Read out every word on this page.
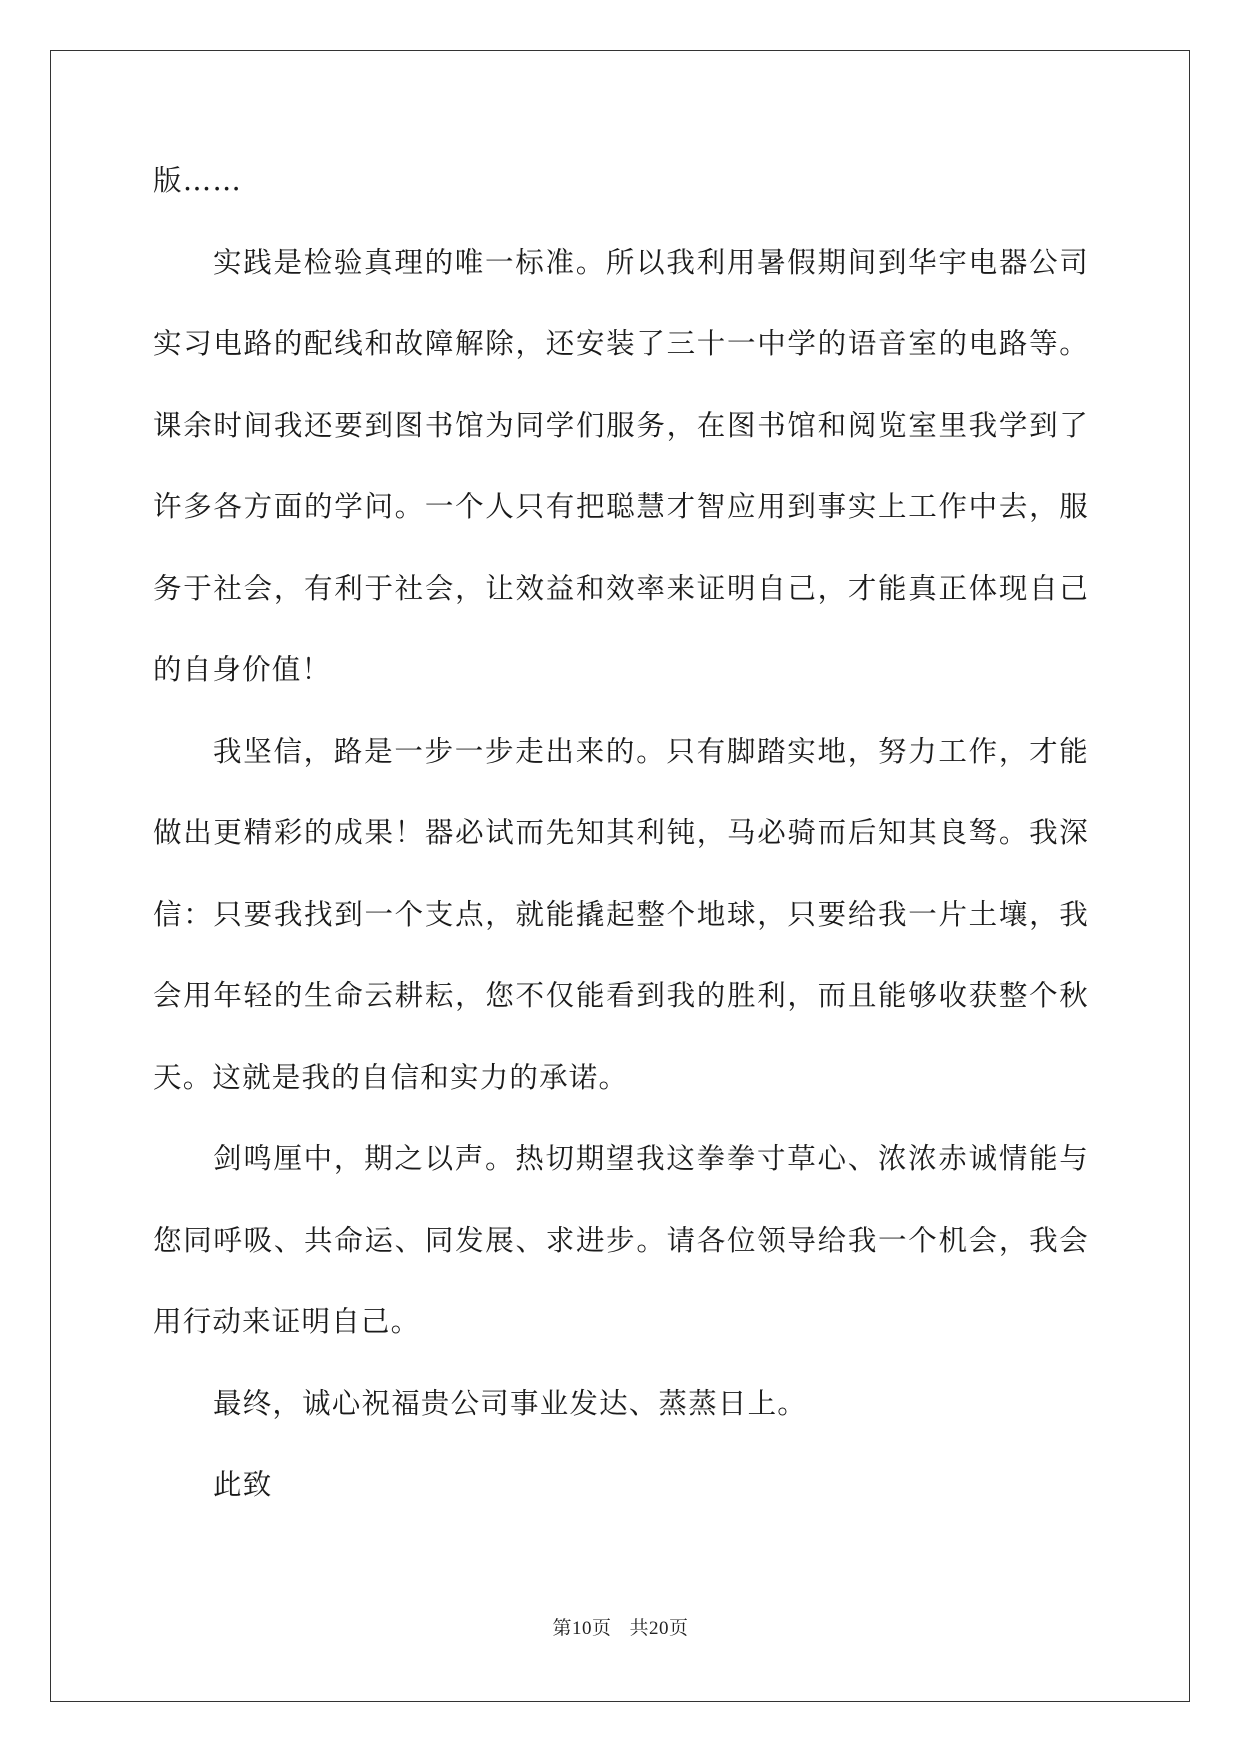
版……

实践是检验真理的唯一标准。所以我利用暑假期间到华宇电器公司实习电路的配线和故障解除，还安装了三十一中学的语音室的电路等。课余时间我还要到图书馆为同学们服务，在图书馆和阅览室里我学到了许多各方面的学问。一个人只有把聪慧才智应用到事实上工作中去，服务于社会，有利于社会，让效益和效率来证明自己，才能真正体现自己的自身价值！

我坚信，路是一步一步走出来的。只有脚踏实地，努力工作，才能做出更精彩的成果！器必试而先知其利钝，马必骑而后知其良驽。我深信：只要我找到一个支点，就能撬起整个地球，只要给我一片土壤，我会用年轻的生命云耕耘，您不仅能看到我的胜利，而且能够收获整个秋天。这就是我的自信和实力的承诺。

剑鸣厘中，期之以声。热切期望我这拳拳寸草心、浓浓赤诚情能与您同呼吸、共命运、同发展、求进步。请各位领导给我一个机会，我会用行动来证明自己。

最终，诚心祝福贵公司事业发达、蒸蒸日上。

此致

第10页 共20页
